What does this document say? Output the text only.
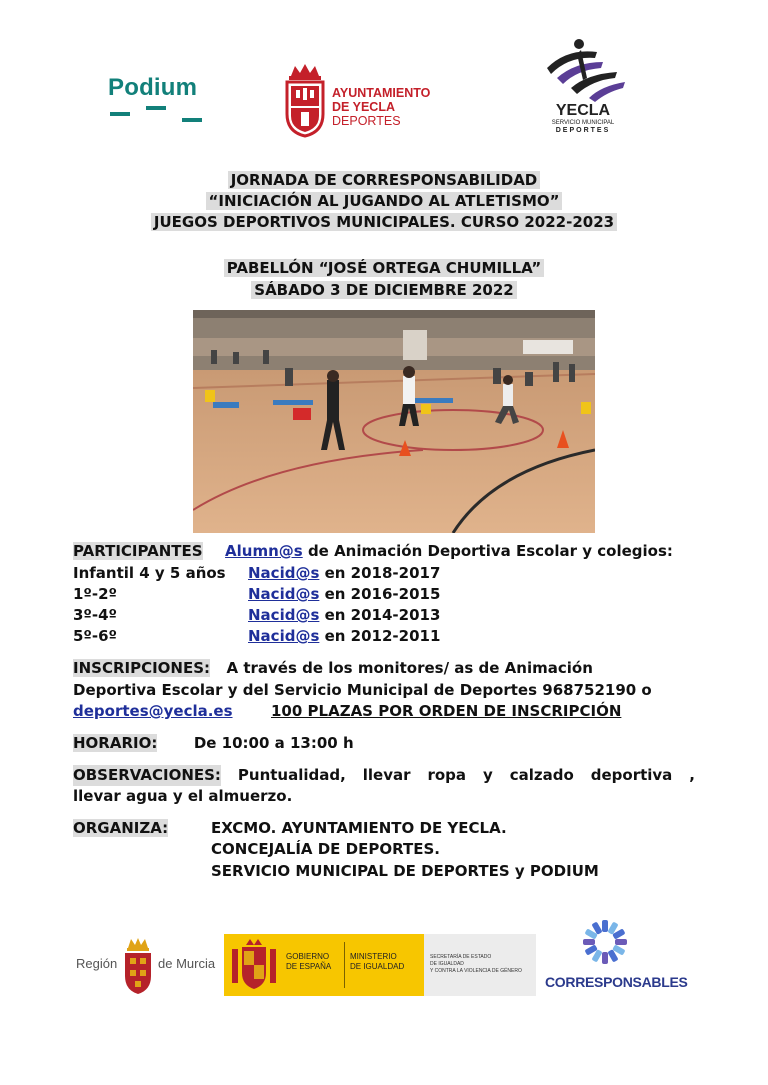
Podium	AYUNTAMIENTO
DE YECLA
DEPORTES
YECLA
SERVICIO MUNICIPAL
DEPORTES
JORNADA DE CORRESPONSABILIDAD
“INICIACIÓN AL JUGANDO AL ATLETISMO”
JUEGOS DEPORTIVOS MUNICIPALES. CURSO 2022-2023
PABELLÓN “JOSÉ ORTEGA CHUMILLA”
SÁBADO 3 DE DICIEMBRE 2022
PARTICIPANTES Alumn@s de Animación Deportiva Escolar y colegios:
Infantil 4 y 5 años Nacid@s en 2018-2017
1º-2º	Nacid@s en 2016-2015
3º-4º	Nacid@s en 2014-2013
5º-6º	Nacid@s en 2012-2011
INSCRIPCIONES: A través de los monitores/ as de Animación
Deportiva Escolar y del Servicio Municipal de Deportes 968752190 o
deportes@yecla.es	100 PLAZAS POR ORDEN DE INSCRIPCIÓN
HORARIO: De 10:00 a 13:00 h
OBSERVACIONES: Puntualidad, llevar ropa y calzado deportiva ,
llevar agua y el almuerzo.
ORGANIZA:	EXCMO. AYUNTAMIENTO DE YECLA.
CONCEJALÍA DE DEPORTES.
SERVICIO MUNICIPAL DE DEPORTES y PODIUM
Región	de Murcia	GOBIERNO
DE ESPAÑA
MINISTERIO
DE IGUALDAD
SECRETARÍA DE ESTADO
DE IGUALDAD
Y CONTRA LA VIOLENCIA DE GÉNERO
CORRESPONSABLES
